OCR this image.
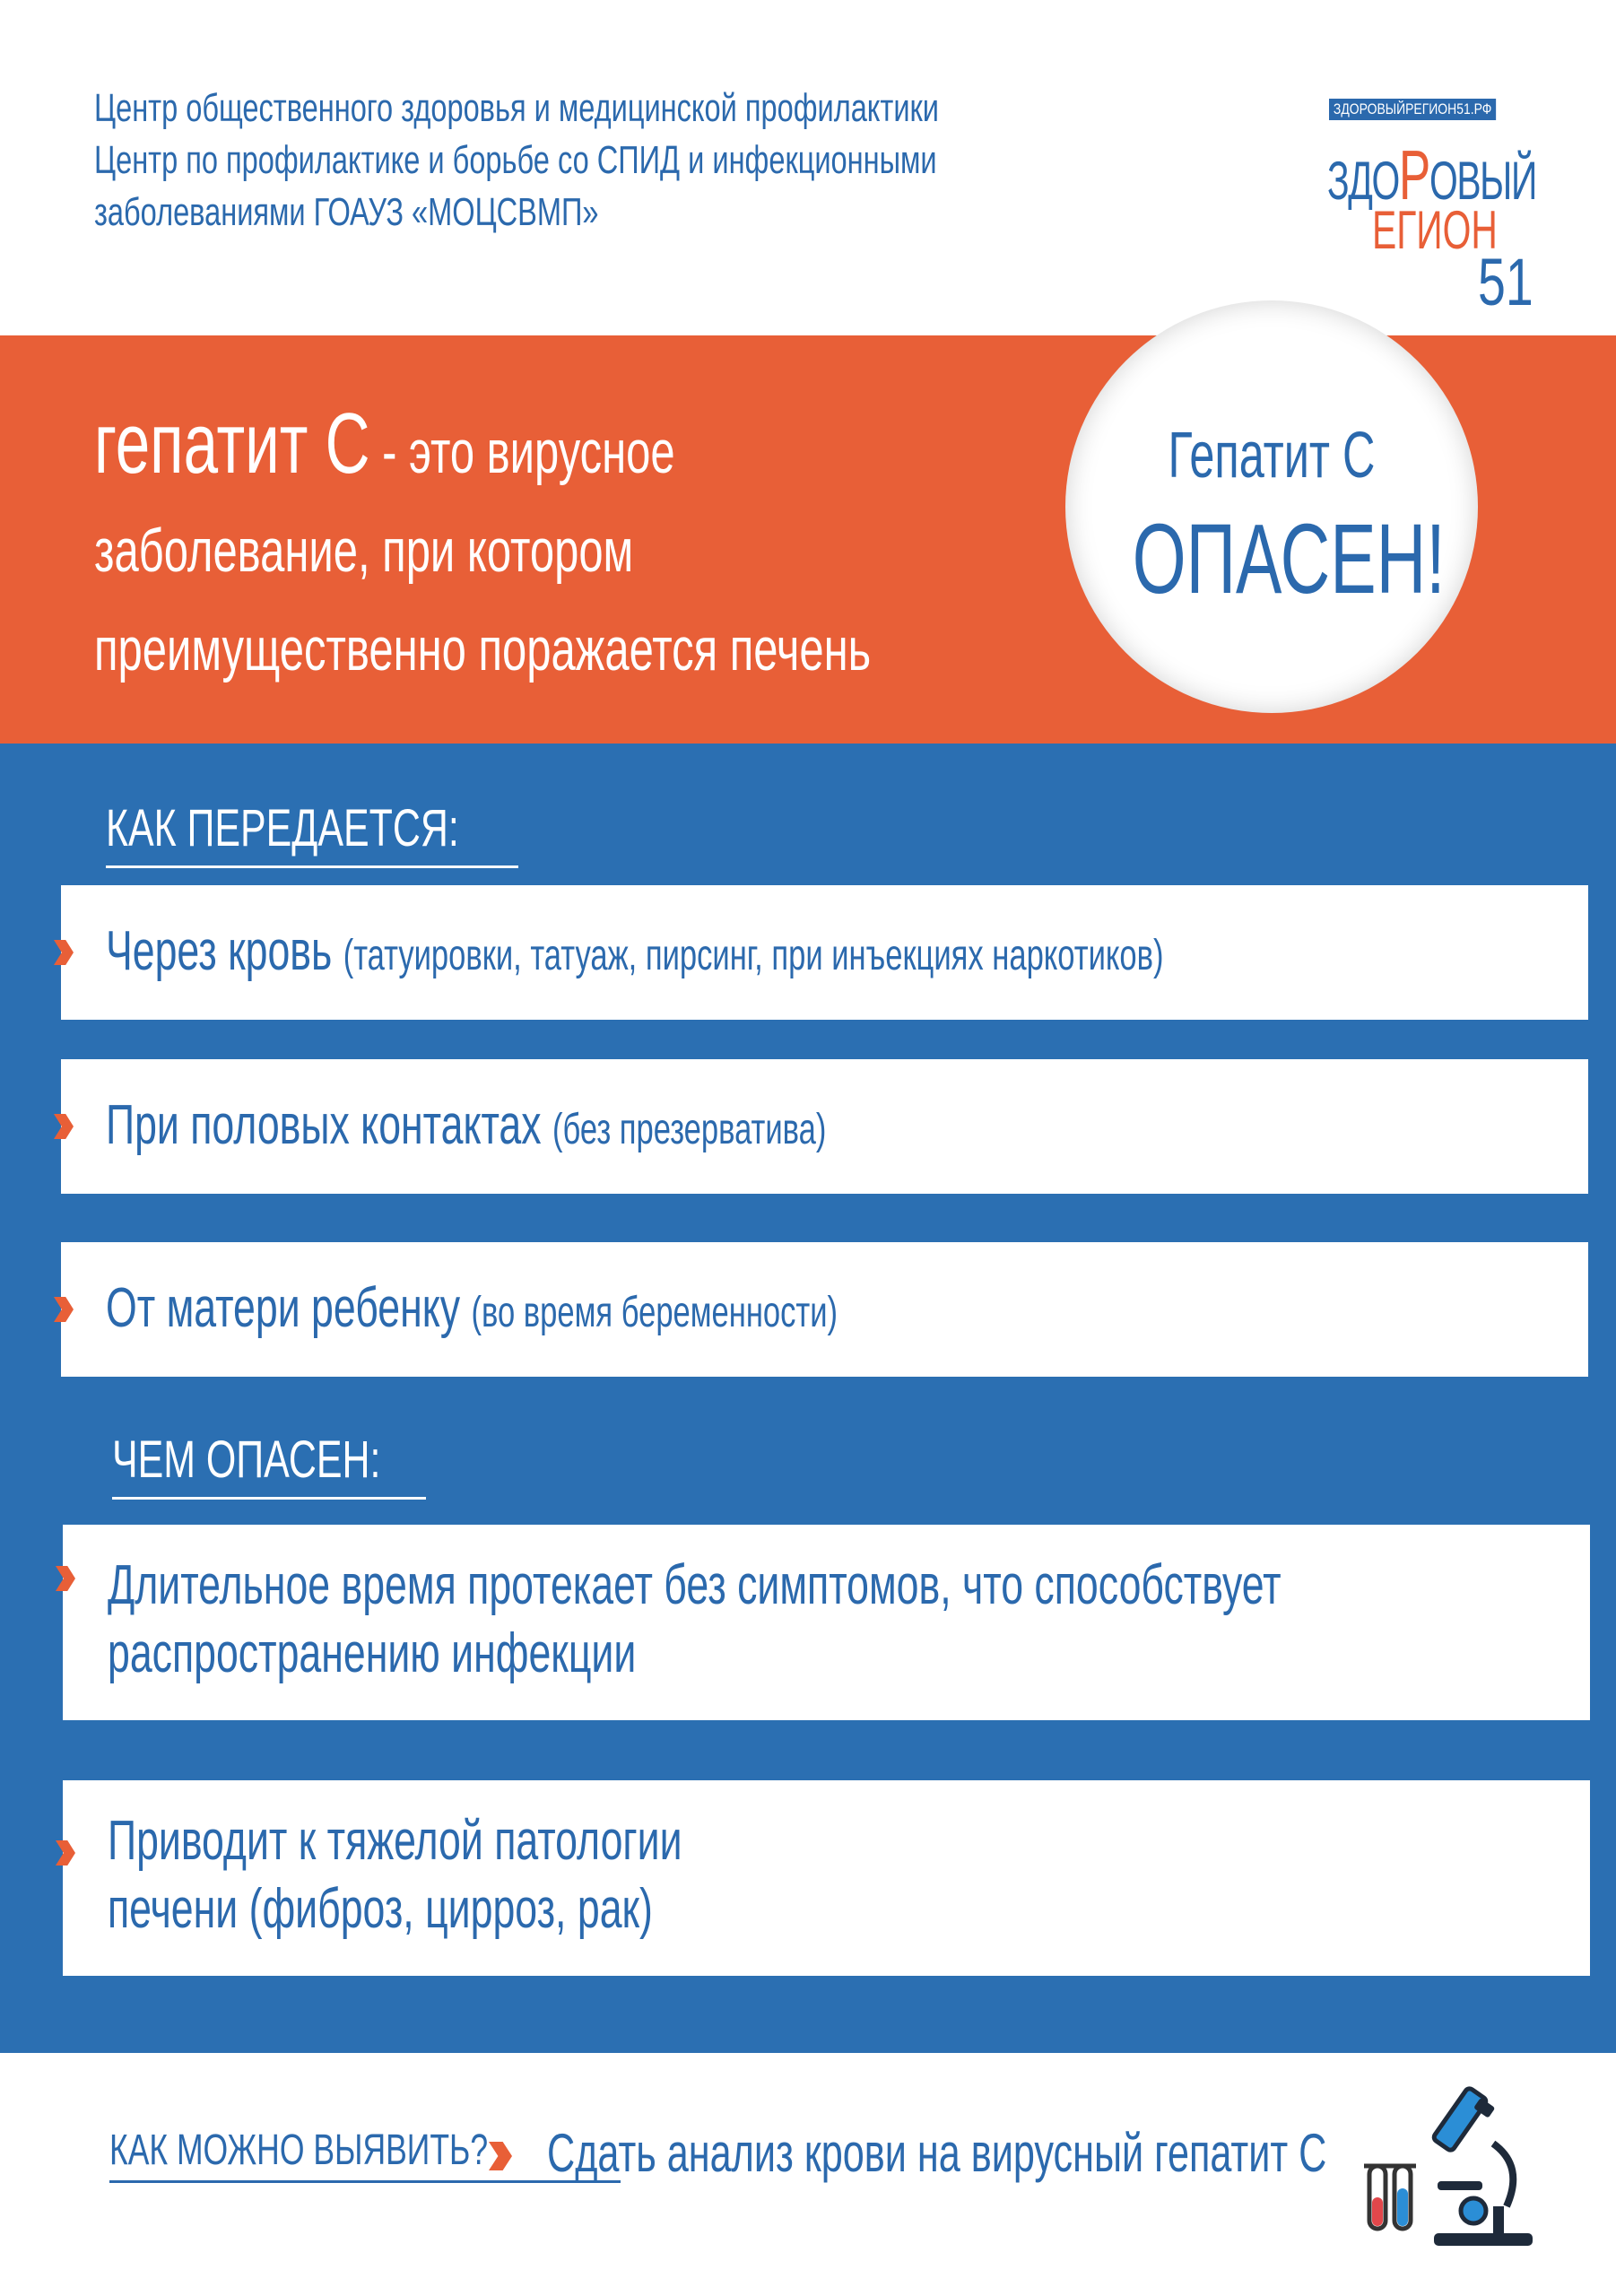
Центр общественного здоровья и медицинской профилактики
Центр по профилактике и борьбе со СПИД и инфекционными
заболеваниями ГОАУЗ «МОЦСВМП»
ЗДОРОВЫЙРЕГИОН51.РФ
ЗДОРОВЫЙ
ЕГИОН
51
гепатит С - это вирусное
заболевание, при котором
преимущественно поражается печень
Гепатит С
ОПАСЕН!
КАК ПЕРЕДАЕТСЯ:
Через кровь (татуировки, татуаж, пирсинг, при инъекциях наркотиков)
При половых контактах (без презерватива)
От матери ребенку (во время беременности)
ЧЕМ ОПАСЕН:
Длительное время протекает без симптомов, что способствует
распространению инфекции
Приводит к тяжелой патологии
печени (фиброз, цирроз, рак)
КАК МОЖНО ВЫЯВИТЬ?	Сдать анализ крови на вирусный гепатит С
